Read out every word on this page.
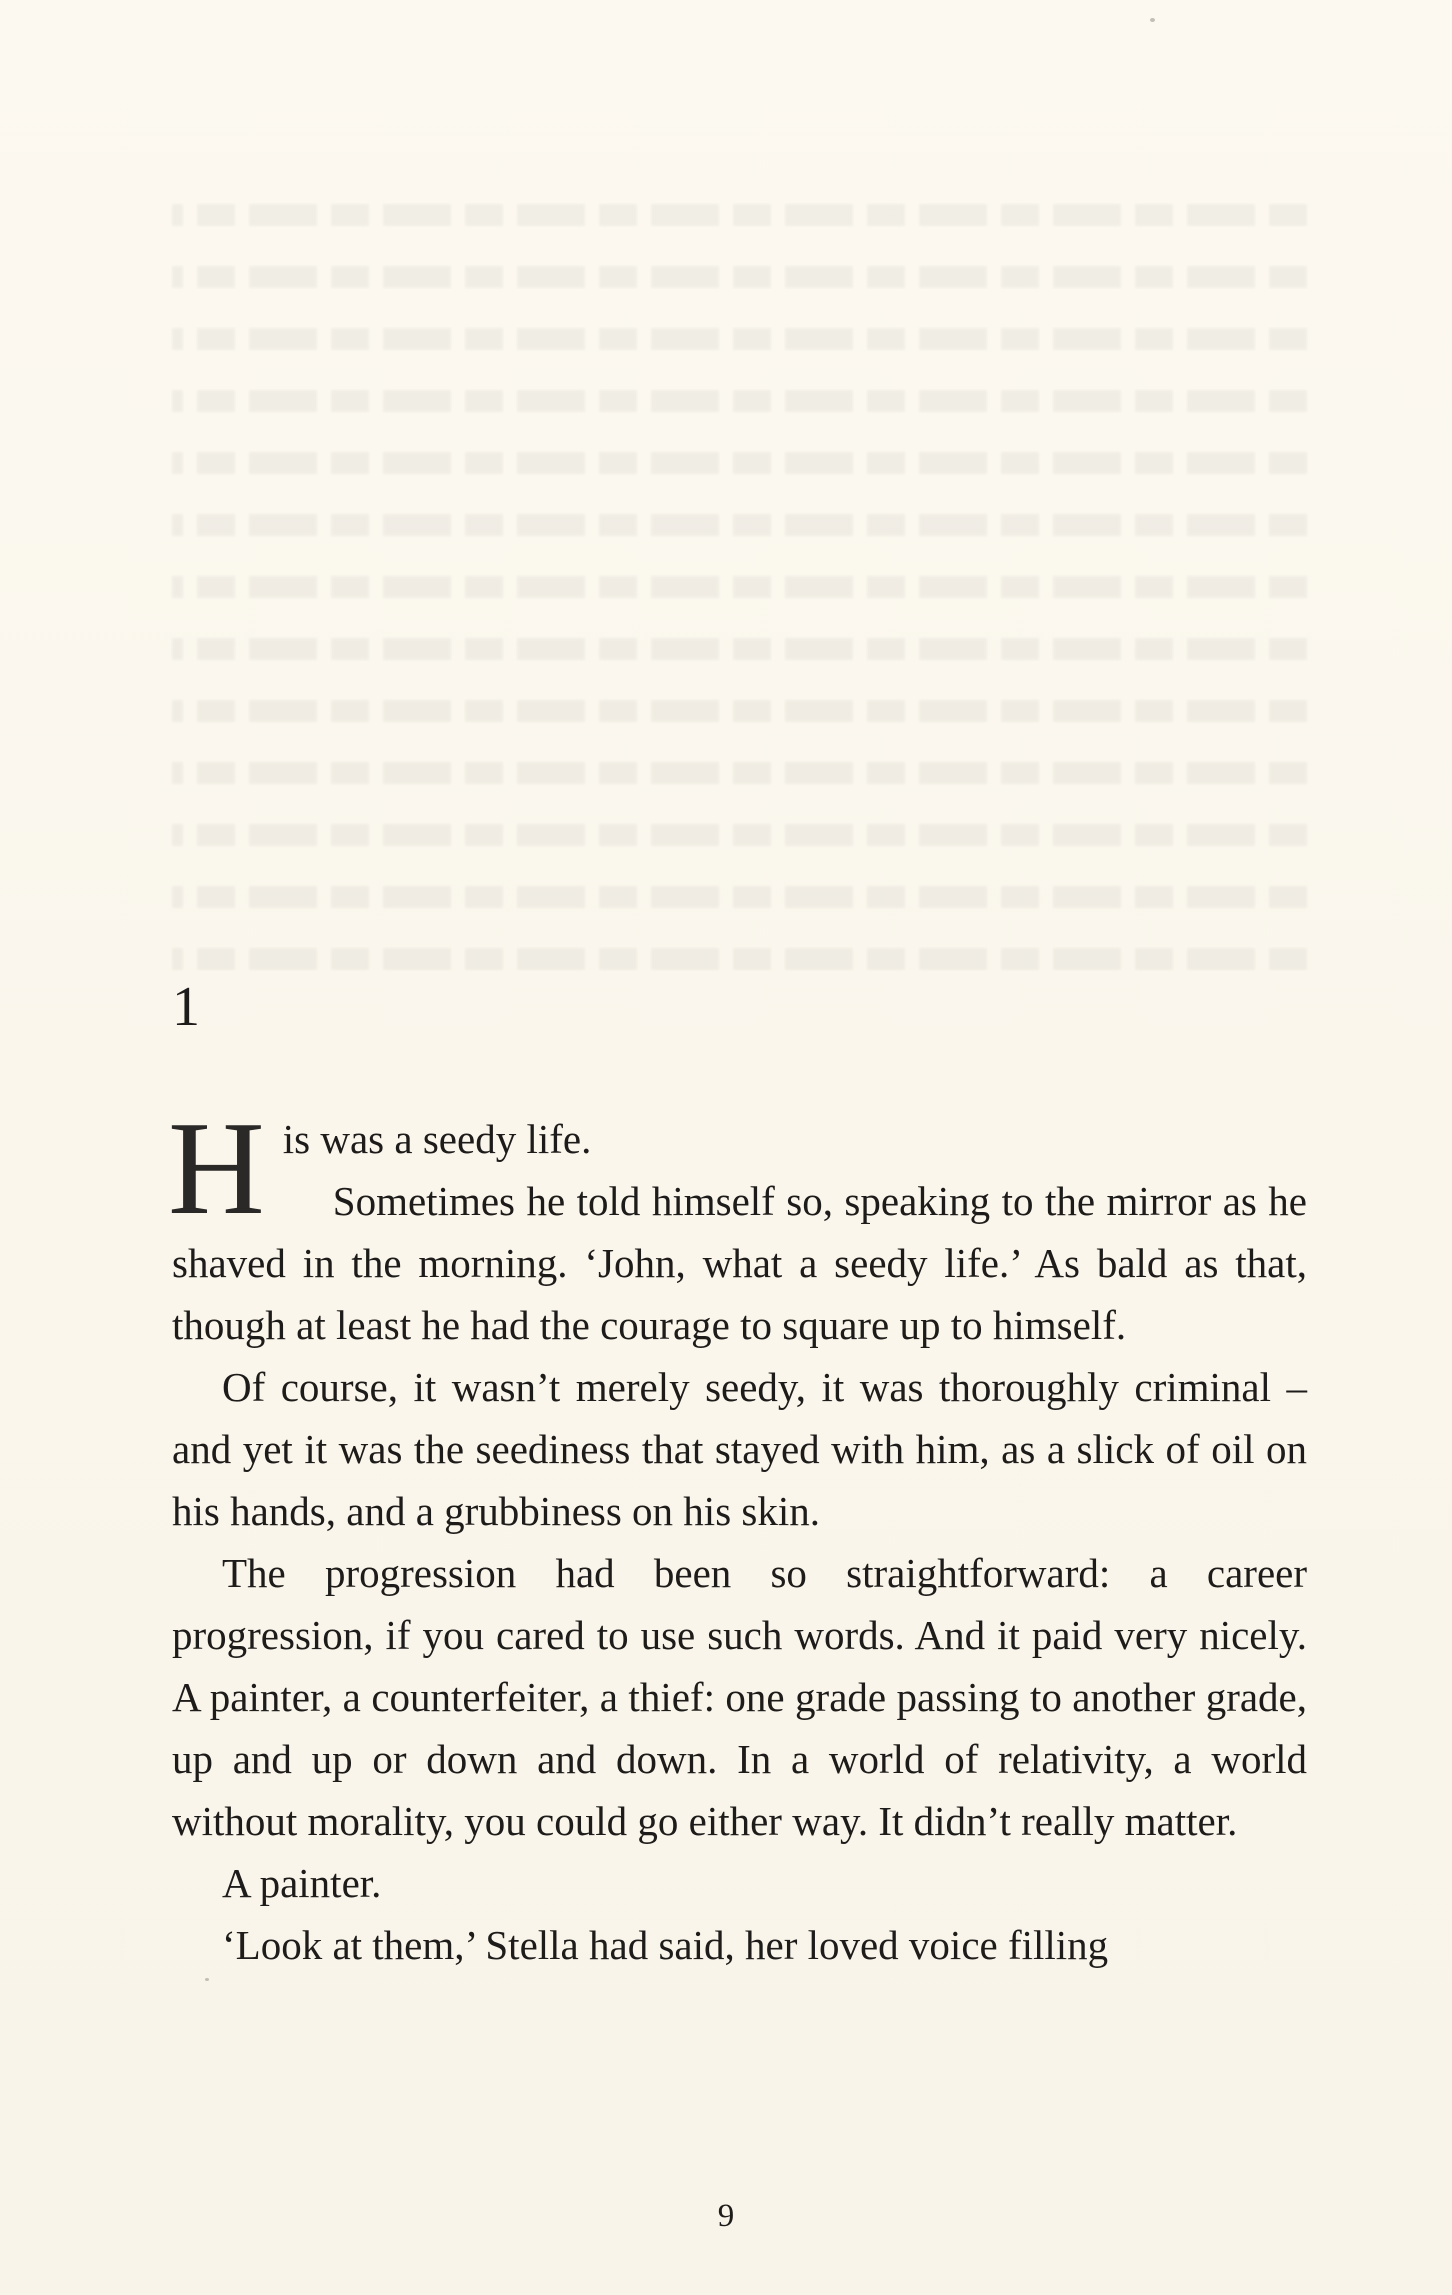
1

His was a seedy life.

Sometimes he told himself so, speaking to the mirror as he shaved in the morning. ‘John, what a seedy life.’ As bald as that, though at least he had the courage to square up to himself.

Of course, it wasn’t merely seedy, it was thoroughly criminal – and yet it was the seediness that stayed with him, as a slick of oil on his hands, and a grubbiness on his skin.

The progression had been so straightforward: a career progression, if you cared to use such words. And it paid very nicely. A painter, a counterfeiter, a thief: one grade passing to another grade, up and up or down and down. In a world of relativity, a world without morality, you could go either way. It didn’t really matter.

A painter.

‘Look at them,’ Stella had said, her loved voice filling

9
